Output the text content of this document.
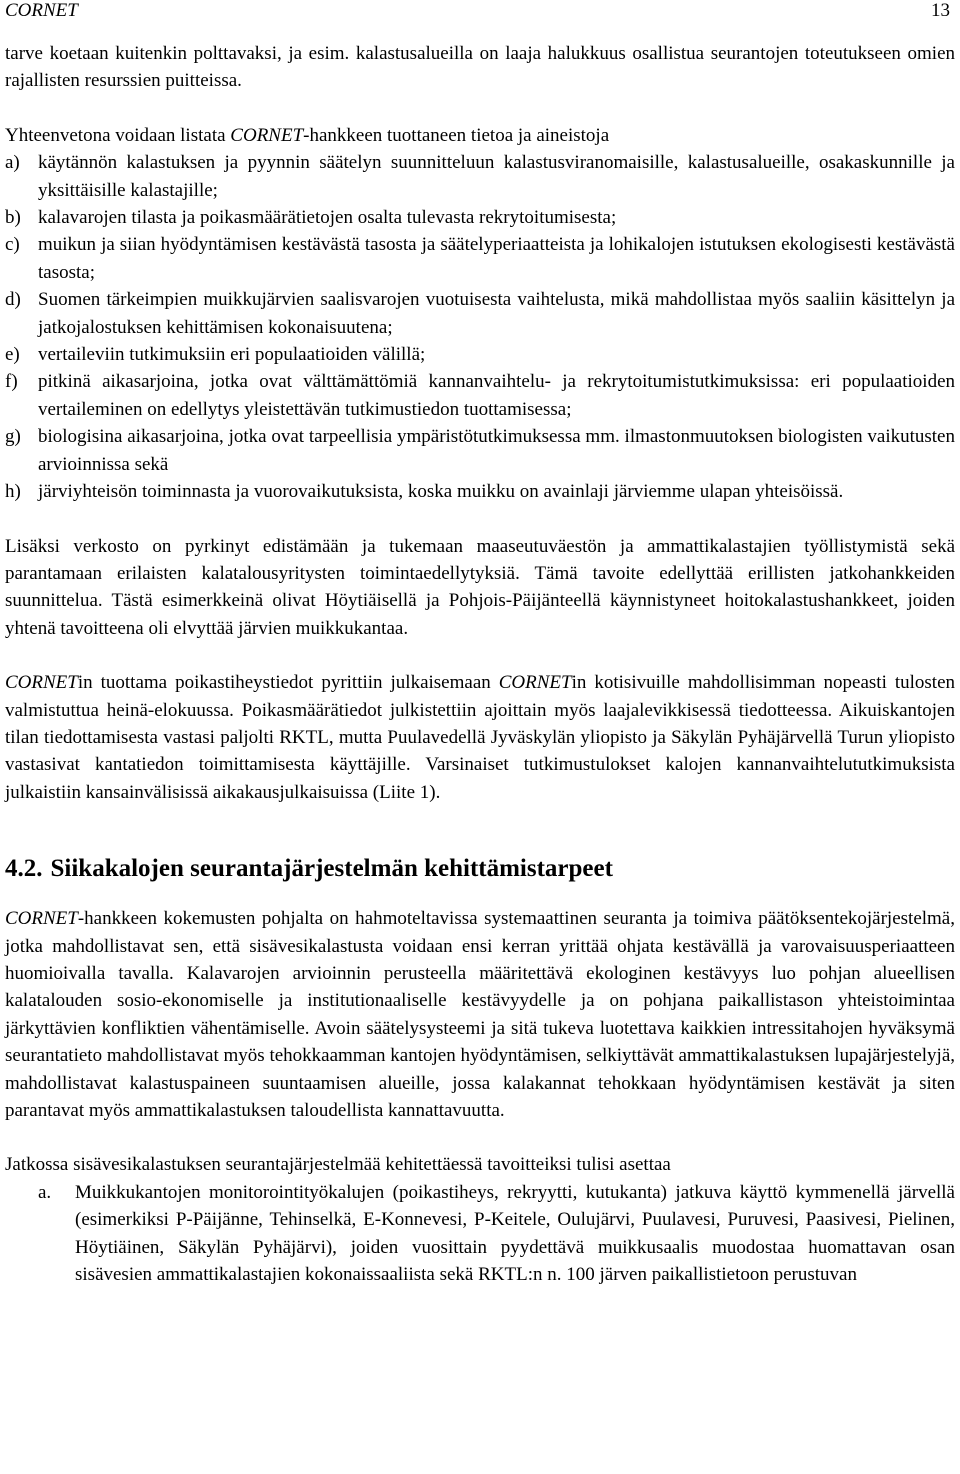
CORNET	13

tarve koetaan kuitenkin polttavaksi, ja esim. kalastusalueilla on laaja halukkuus osallistua seurantojen toteutukseen omien rajallisten resurssien puitteissa.

Yhteenvetona voidaan listata CORNET-hankkeen tuottaneen tietoa ja aineistoja

a) käytännön kalastuksen ja pyynnin säätelyn suunnitteluun kalastusviranomaisille, kalastusalueille, osakaskunnille ja yksittäisille kalastajille;
b) kalavarojen tilasta ja poikasmäärätietojen osalta tulevasta rekrytoitumisesta;
c) muikun ja siian hyödyntämisen kestävästä tasosta ja säätelyperiaatteista ja lohikalojen istutuksen ekologisesti kestävästä tasosta;
d) Suomen tärkeimpien muikkujärvien saalisvarojen vuotuisesta vaihtelusta, mikä mahdollistaa myös saaliin käsittelyn ja jatkojalostuksen kehittämisen kokonaisuutena;
e) vertaileviin tutkimuksiin eri populaatioiden välillä;
f) pitkinä aikasarjoina, jotka ovat välttämättömiä kannanvaihtelu- ja rekrytoitumistutkimuksissa: eri populaatioiden vertaileminen on edellytys yleistettävän tutkimustiedon tuottamisessa;
g) biologisina aikasarjoina, jotka ovat tarpeellisia ympäristötutkimuksessa mm. ilmastonmuutoksen biologisten vaikutusten arvioinnissa sekä
h) järviyhteisön toiminnasta ja vuorovaikutuksista, koska muikku on avainlaji järviemme ulapan yhteisöissä.

Lisäksi verkosto on pyrkinyt edistämään ja tukemaan maaseutuväestön ja ammattikalastajien työllistymistä sekä parantamaan erilaisten kalatalousyritysten toimintaedellytyksiä. Tämä tavoite edellyttää erillisten jatkohankkeiden suunnittelua. Tästä esimerkkeinä olivat Höytiäisellä ja Pohjois-Päijänteellä käynnistyneet hoitokalastushankkeet, joiden yhtenä tavoitteena oli elvyttää järvien muikkukantaa.

CORNETin tuottama poikastiheystiedot pyrittiin julkaisemaan CORNETin kotisivuille mahdollisimman nopeasti tulosten valmistuttua heinä-elokuussa. Poikasmäärätiedot julkistettiin ajoittain myös laajalevikkisessä tiedotteessa. Aikuiskantojen tilan tiedottamisesta vastasi paljolti RKTL, mutta Puulavedellä Jyväskylän yliopisto ja Säkylän Pyhäjärvellä Turun yliopisto vastasivat kantatiedon toimittamisesta käyttäjille. Varsinaiset tutkimustulokset kalojen kannanvaihtelututkimuksista julkaistiin kansainvälisissä aikakausjulkaisuissa (Liite 1).

4.2. Siikakalojen seurantajärjestelmän kehittämistarpeet

CORNET-hankkeen kokemusten pohjalta on hahmoteltavissa systemaattinen seuranta ja toimiva päätöksentekojärjestelmä, jotka mahdollistavat sen, että sisävesikalastusta voidaan ensi kerran yrittää ohjata kestävällä ja varovaisuusperiaatteen huomioivalla tavalla. Kalavarojen arvioinnin perusteella määritettävä ekologinen kestävyys luo pohjan alueellisen kalatalouden sosio-ekonomiselle ja institutionaaliselle kestävyydelle ja on pohjana paikallistason yhteistoimintaa järkyttävien konfliktien vähentämiselle. Avoin säätelysysteemi ja sitä tukeva luotettava kaikkien intressitahojen hyväksymä seurantatieto mahdollistavat myös tehokkaamman kantojen hyödyntämisen, selkiyttävät ammattikalastuksen lupajärjestelyjä, mahdollistavat kalastuspaineen suuntaamisen alueille, jossa kalakannat tehokkaan hyödyntämisen kestävät ja siten parantavat myös ammattikalastuksen taloudellista kannattavuutta.

Jatkossa sisävesikalastuksen seurantajärjestelmää kehitettäessä tavoitteiksi tulisi asettaa

a. Muikkukantojen monitorointityökalujen (poikastiheys, rekryytti, kutukanta) jatkuva käyttö kymmenellä järvellä (esimerkiksi P-Päijänne, Tehinselkä, E-Konnevesi, P-Keitele, Oulujärvi, Puulavesi, Puruvesi, Paasivesi, Pielinen, Höytiäinen, Säkylän Pyhäjärvi), joiden vuosittain pyydettävä muikkusaalis muodostaa huomattavan osan sisävesien ammattikalastajien kokonaissaaliista sekä RKTL:n n. 100 järven paikallistietoon perustuvan
